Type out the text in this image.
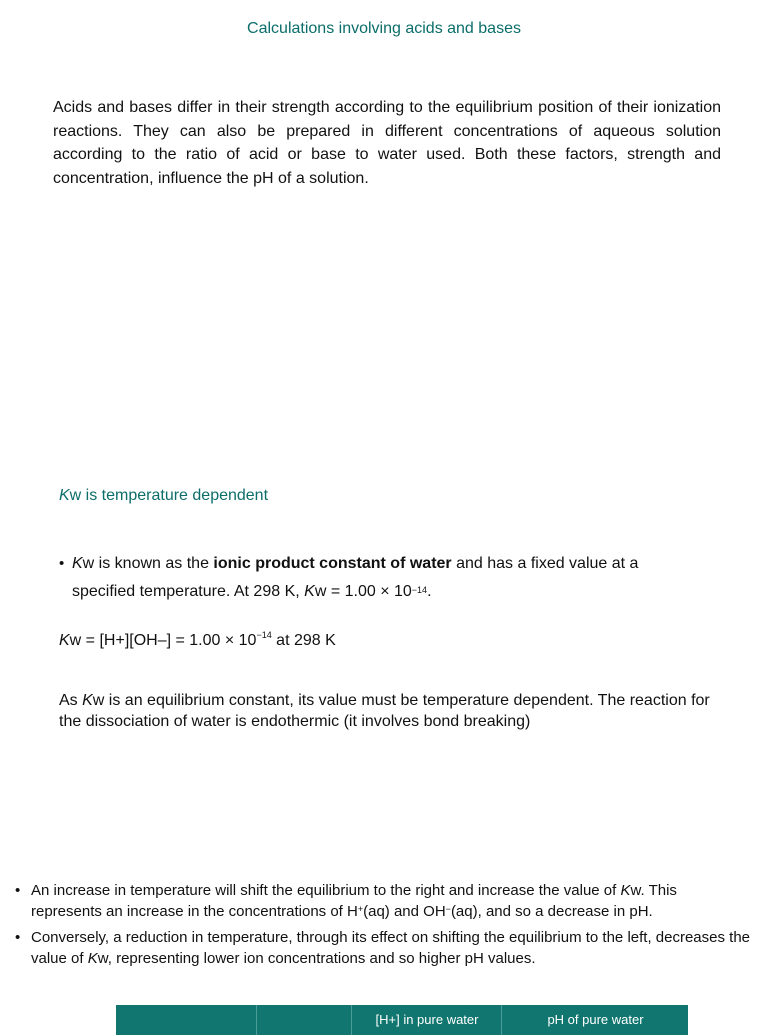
Calculations involving acids and bases
Acids and bases differ in their strength according to the equilibrium position of their ionization reactions. They can also be prepared in different concentrations of aqueous solution according to the ratio of acid or base to water used. Both these factors, strength and concentration, influence the pH of a solution.
Kw is temperature dependent
• Kw is known as the ionic product constant of water and has a fixed value at a
specified temperature. At 298 K, $Kw = 1.00 \times 10^{-14}$.
$Kw = [H+][OH-] = 1.00 \times 10^{-14}$ at 298 K
As Kw is an equilibrium constant, its value must be temperature dependent. The reaction for the dissociation of water is endothermic (it involves bond breaking)
• An increase in temperature will shift the equilibrium to the right and increase the value of Kw. This represents an increase in the concentrations of H+(aq) and OH−(aq), and so a decrease in pH.
• Conversely, a reduction in temperature, through its effect on shifting the equilibrium to the left, decreases the value of Kw, representing lower ion concentrations and so higher pH values.
[H+] in pure water	pH of pure water
